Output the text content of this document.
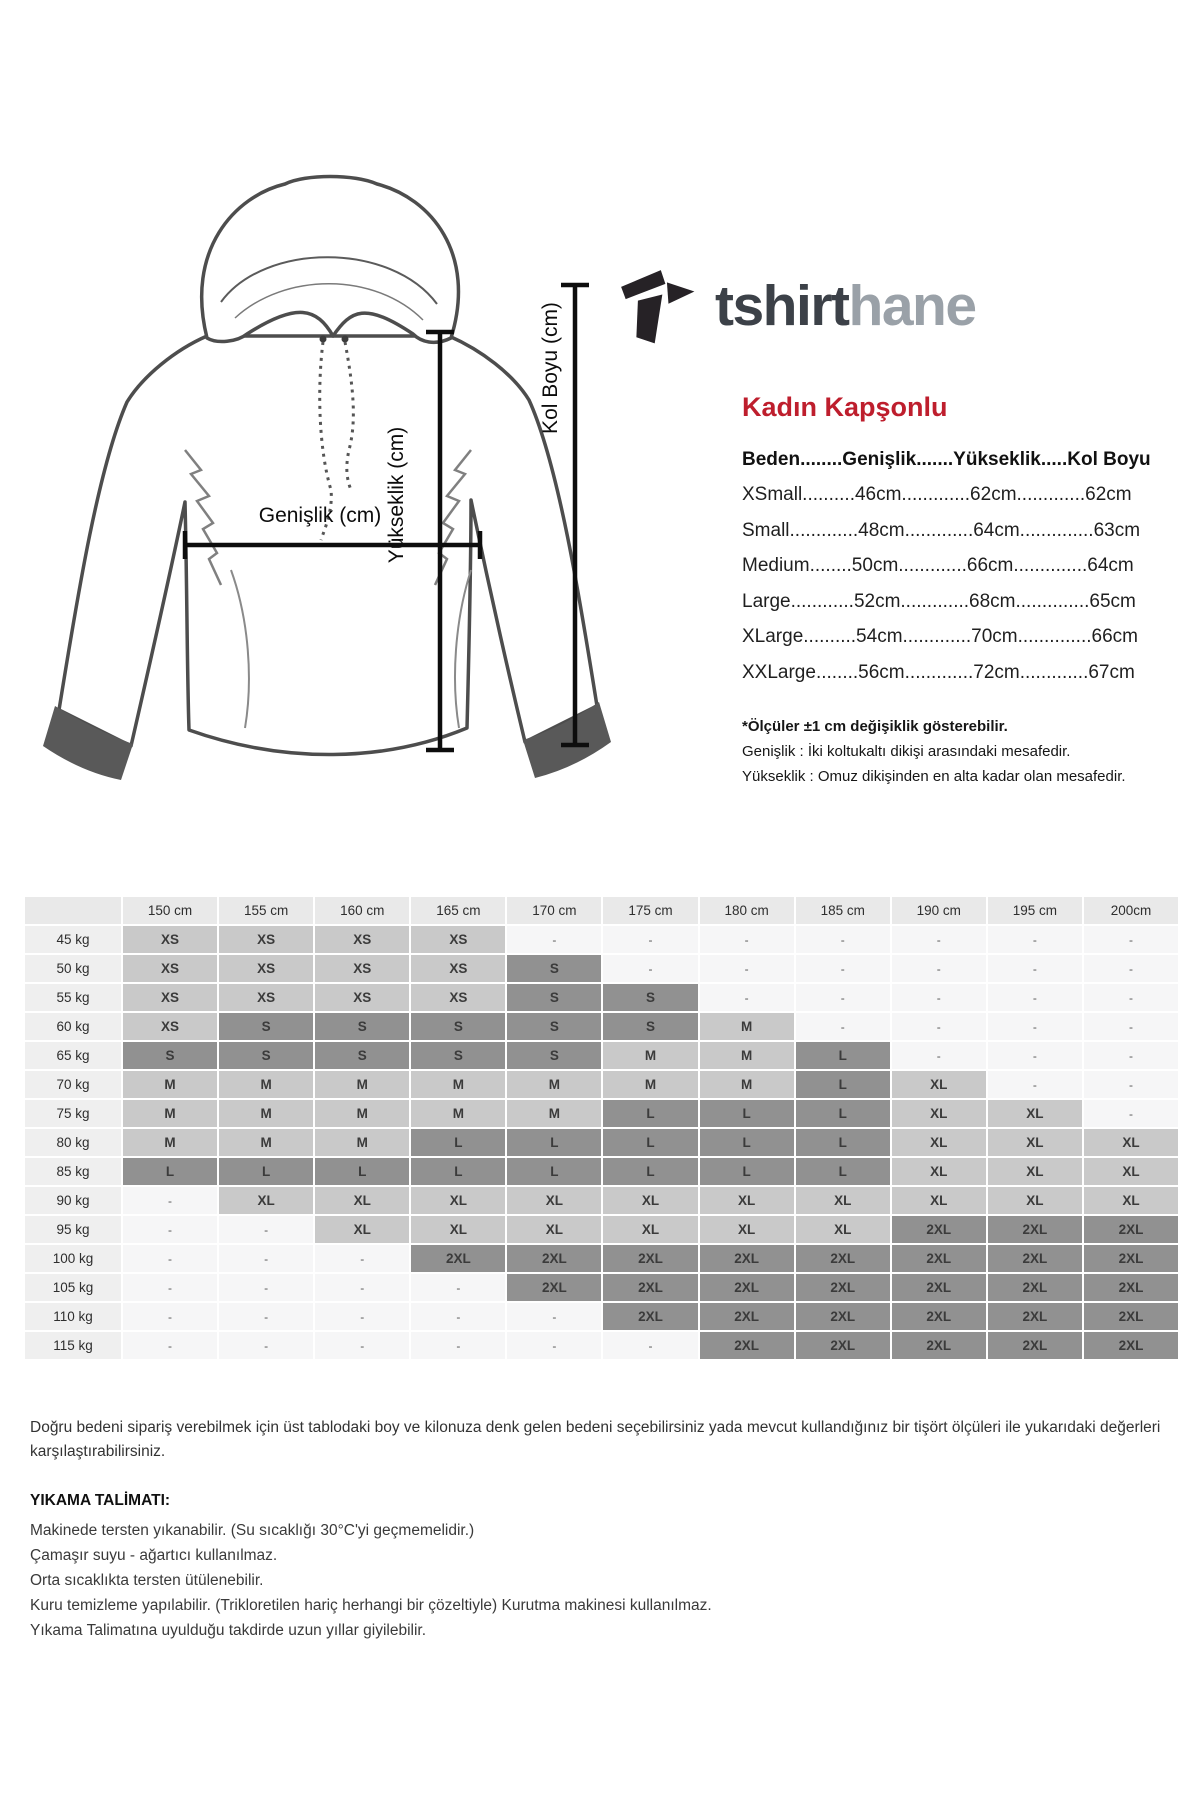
Yükseklik (cm)
Genişlik (cm)
Kol Boyu (cm)	tshirthane
Kadın Kapşonlu
Beden........Genişlik.......Yükseklik.....Kol Boyu
XSmall..........46cm.............62cm.............62cm
Small.............48cm.............64cm..............63cm
Medium........50cm.............66cm..............64cm
Large............52cm.............68cm..............65cm
XLarge..........54cm.............70cm..............66cm
XXLarge........56cm.............72cm.............67cm
*Ölçüler ±1 cm değişiklik gösterebilir.
Genişlik : İki koltukaltı dikişi arasındaki mesafedir.
Yükseklik : Omuz dikişinden en alta kadar olan mesafedir.
150 cm	155 cm	160 cm	165 cm	170 cm	175 cm	180 cm	185 cm	190 cm	195 cm	200cm
45 kg	XS	XS	XS	XS	-	-	-	-	-	-	-
50 kg	XS	XS	XS	XS	S	-	-	-	-	-	-
55 kg	XS	XS	XS	XS	S	S	-	-	-	-	-
60 kg	XS	S	S	S	S	S	M	-	-	-	-
65 kg	S	S	S	S	S	M	M	L	-	-	-
70 kg	M	M	M	M	M	M	M	L	XL	-	-
75 kg	M	M	M	M	M	L	L	L	XL	XL	-
80 kg	M	M	M	L	L	L	L	L	XL	XL	XL
85 kg	L	L	L	L	L	L	L	L	XL	XL	XL
90 kg	-	XL	XL	XL	XL	XL	XL	XL	XL	XL	XL
95 kg	-	-	XL	XL	XL	XL	XL	XL	2XL	2XL	2XL
100 kg	-	-	-	2XL	2XL	2XL	2XL	2XL	2XL	2XL	2XL
105 kg	-	-	-	-	2XL	2XL	2XL	2XL	2XL	2XL	2XL
110 kg	-	-	-	-	-	2XL	2XL	2XL	2XL	2XL	2XL
115 kg	-	-	-	-	-	-	2XL	2XL	2XL	2XL	2XL

Doğru bedeni sipariş verebilmek için üst tablodaki boy ve kilonuza denk gelen bedeni seçebilirsiniz yada mevcut kullandığınız bir tişört ölçüleri ile yukarıdaki değerleri karşılaştırabilirsiniz.

YIKAMA TALİMATI:

Makinede tersten yıkanabilir. (Su sıcaklığı 30°C'yi geçmemelidir.)
Çamaşır suyu - ağartıcı kullanılmaz.
Orta sıcaklıkta tersten ütülenebilir.
Kuru temizleme yapılabilir. (Trikloretilen hariç herhangi bir çözeltiyle) Kurutma makinesi kullanılmaz.
Yıkama Talimatına uyulduğu takdirde uzun yıllar giyilebilir.
